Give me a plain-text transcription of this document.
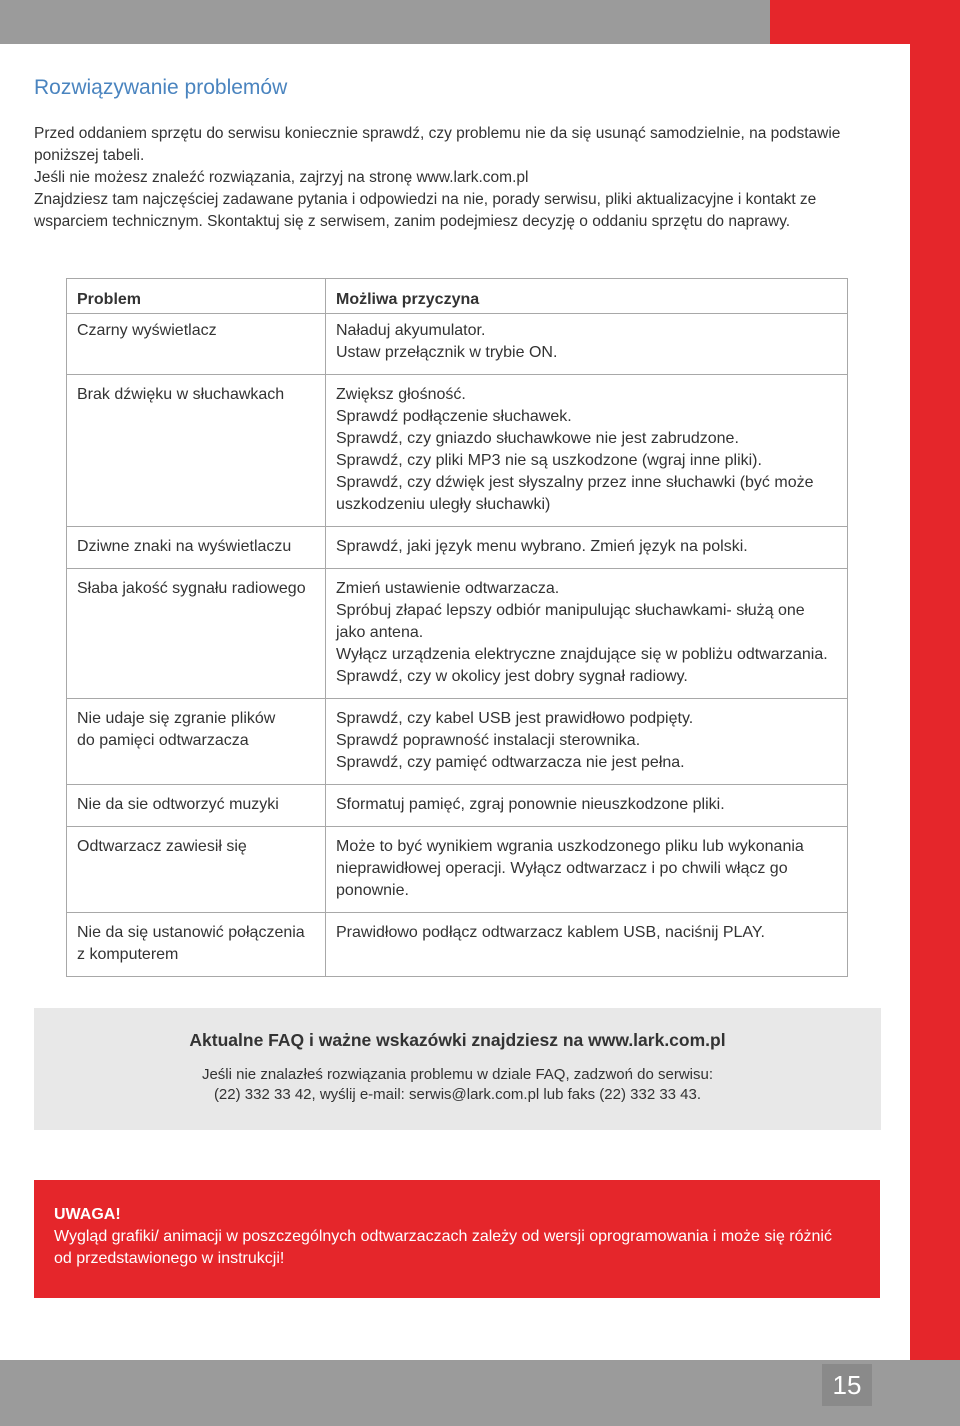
15
Rozwiązywanie problemów

Przed oddaniem sprzętu do serwisu koniecznie sprawdź, czy problemu nie da się usunąć samodzielnie, na podstawie poniższej tabeli.

Jeśli nie możesz znaleźć rozwiązania, zajrzyj na stronę www.lark.com.pl

Znajdziesz tam najczęściej zadawane pytania i odpowiedzi na nie, porady serwisu, pliki aktualizacyjne i kontakt ze wsparciem technicznym. Skontaktuj się z serwisem, zanim podejmiesz decyzję o oddaniu sprzętu do naprawy.

Problem	Możliwa przyczyna

Czarny wyświetlacz	Naładuj akyumulator.
Ustaw przełącznik w trybie ON.

Brak dźwięku w słuchawkach	Zwiększ głośność.
Sprawdź podłączenie słuchawek.
Sprawdź, czy gniazdo słuchawkowe nie jest zabrudzone.
Sprawdź, czy pliki MP3 nie są uszkodzone (wgraj inne pliki).
Sprawdź, czy dźwięk jest słyszalny przez inne słuchawki (być może uszkodzeniu uległy słuchawki)

Dziwne znaki na wyświetlaczu	Sprawdź, jaki język menu wybrano. Zmień język na polski.

Słaba jakość sygnału radiowego	Zmień ustawienie odtwarzacza.
Spróbuj złapać lepszy odbiór manipulując słuchawkami- służą one jako antena.
Wyłącz urządzenia elektryczne znajdujące się w pobliżu odtwarzania.
Sprawdź, czy w okolicy jest dobry sygnał radiowy.

Nie udaje się zgranie plików
do pamięci odtwarzacza	Sprawdź, czy kabel USB jest prawidłowo podpięty.
Sprawdź poprawność instalacji sterownika.
Sprawdź, czy pamięć odtwarzacza nie jest pełna.

Nie da sie odtworzyć muzyki	Sformatuj pamięć, zgraj ponownie nieuszkodzone pliki.

Odtwarzacz zawiesił się	Może to być wynikiem wgrania uszkodzonego pliku lub wykonania nieprawidłowej operacji. Wyłącz odtwarzacz i po chwili włącz go ponownie.

Nie da się ustanowić połączenia
z komputerem	Prawidłowo podłącz odtwarzacz kablem USB, naciśnij PLAY.
Aktualne FAQ i ważne wskazówki znajdziesz na www.lark.com.pl
Jeśli nie znalazłeś rozwiązania problemu w dziale FAQ, zadzwoń do serwisu:
(22) 332 33 42, wyślij e-mail: serwis@lark.com.pl lub faks (22) 332 33 43.
UWAGA!
Wygląd grafiki/ animacji w poszczególnych odtwarzaczach zależy od wersji oprogramowania i może się różnić od przedstawionego w instrukcji!
